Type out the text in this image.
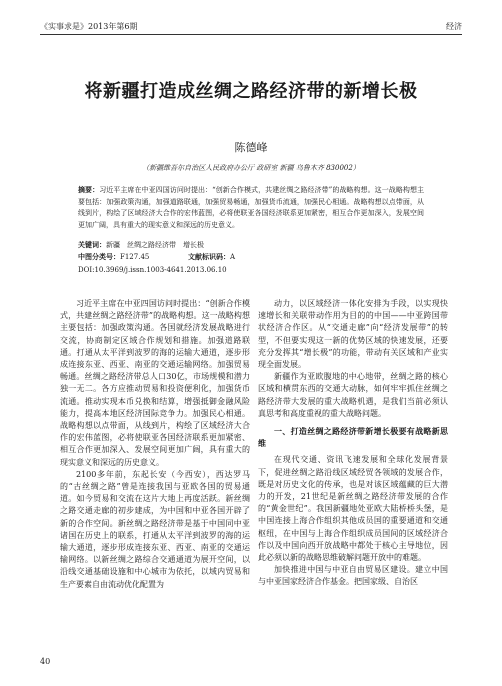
《实事求是》2013年第6期	经济
将新疆打造成丝绸之路经济带的新增长极
陈德峰
（新疆维吾尔自治区人民政府办公厅 政研室 新疆 乌鲁木齐 830002）
摘要：习近平主席在中亚四国访问时提出：“创新合作模式，共建丝绸之路经济带”的战略构想。这一战略构想主要包括：加强政策沟通，加强道路联通，加强贸易畅通，加强货币流通，加强民心相通。战略构想以点带面，从线到片，构绘了区域经济大合作的宏伟蓝图，必将使联亚各国经济联系更加紧密，相互合作更加深入，发展空间更加广阔，具有重大的现实意义和深远的历史意义。
关键词：新疆　丝绸之路经济带　增长极
中图分类号：F127.45	文献标识码：A
DOI:10.3969/j.issn.1003-4641.2013.06.10

习近平主席在中亚四国访问时提出：“创新合作模式，共建丝绸之路经济带”的战略构想。这一战略构想主要包括：加强政策沟通。各国就经济发展战略进行交流，协商制定区域合作规划和措施。加强道路联通。打通从太平洋到波罗的海的运输大通道，逐步形成连接东亚、西亚、南亚的交通运输网络。加强贸易畅通。丝绸之路经济带总人口30亿，市场规模和潜力独一无二。各方应推动贸易和投资便利化，加强货币流通。推动实现本币兑换和结算，增强抵御金融风险能力，提高本地区经济国际竞争力。加强民心相通。战略构想以点带面，从线到片，构绘了区域经济大合作的宏伟蓝图，必将使联亚各国经济联系更加紧密、相互合作更加深入、发展空间更加广阔，具有重大的现实意义和深远的历史意义。

2100多年前，东起长安（今西安），西达罗马的“古丝绸之路”曾是连接我国与亚欧各国的贸易通道。如今贸易和交流在这片大地上再度活跃。新丝绸之路交通走廊的初步建成，为中国和中亚各国开辟了新的合作空间。新丝绸之路经济带是基于中国同中亚诸国在历史上的联系，打通从太平洋到波罗的海的运输大通道，逐步形成连接东亚、西亚、南亚的交通运输网络。以新丝绸之路综合交通通道为展开空间，以沿线交通基础设施和中心城市为依托，以域内贸易和生产要素自由流动优化配置为

动力，以区域经济一体化安排为手段，以实现快速增长和关联带动作用为目的的中国——中亚跨国带状经济合作区。从“交通走廊”向“经济发展带”的转型，不但要实现这一新的优势区域的快速发展，还要充分发挥其“增长极”的功能，带动有关区域和产业实现全面发展。

新疆作为亚欧腹地的中心地带，丝绸之路的核心区域和横贯东西的交通大动脉，如何牢牢抓住丝绸之路经济带大发展的重大战略机遇，是我们当前必须认真思考和高度重视的重大战略问题。

一、打造丝绸之路经济带新增长极要有战略新思维

在现代交通、资讯飞速发展和全球化发展背景下，促进丝绸之路沿线区域经贸各领域的发展合作，既是对历史文化的传承，也是对该区域蕴藏的巨大潜力的开发，21世纪是新丝绸之路经济带发展的合作的“黄金世纪”。我国新疆地处亚欧大陆桥桥头堡，是中国连接上海合作组织其他成员国的重要通道和交通枢纽，在中国与上海合作组织成员国间的区域经济合作以及中国向西开放战略中都处于核心主导地位，因此必须以新的战略思维破解问题开放中的难题。

加快推进中国与中亚自由贸易区建设。建立中国与中亚国家经济合作基金。把国家级、自治区

40
